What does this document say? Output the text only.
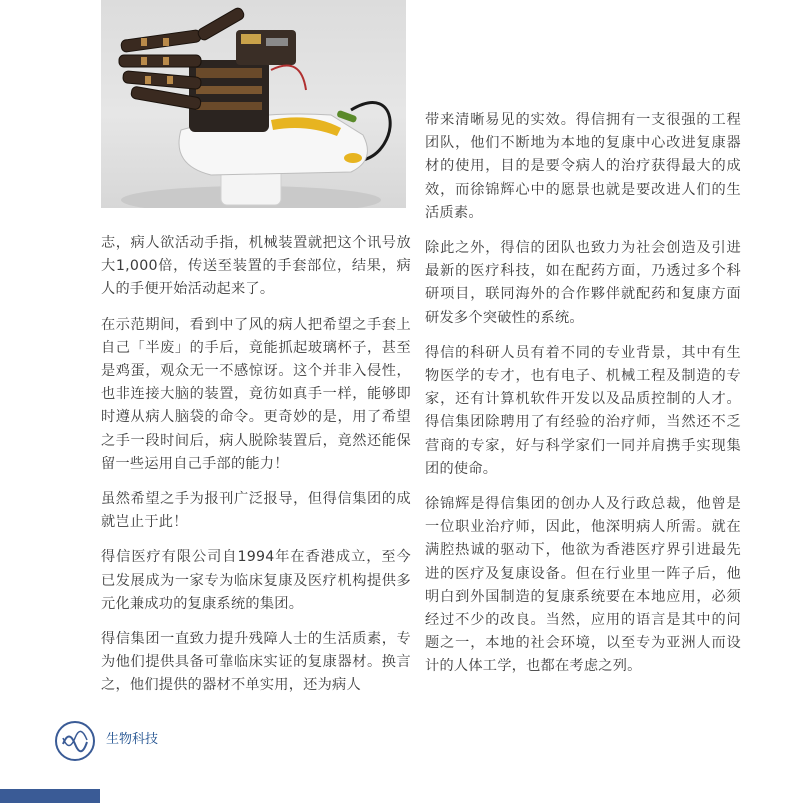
志，病人欲活动手指，机械装置就把这个讯号放大1,000倍，传送至装置的手套部位，结果，病人的手便开始活动起来了。

在示范期间，看到中了风的病人把希望之手套上自己「半废」的手后，竟能抓起玻璃杯子，甚至是鸡蛋，观众无一不感惊讶。这个并非入侵性，也非连接大脑的装置，竟彷如真手一样，能够即时遵从病人脑袋的命令。更奇妙的是，用了希望之手一段时间后，病人脱除装置后，竟然还能保留一些运用自己手部的能力！

虽然希望之手为报刊广泛报导，但得信集团的成就岂止于此！

得信医疗有限公司自1994年在香港成立，至今已发展成为一家专为临床复康及医疗机构提供多元化兼成功的复康系统的集团。

得信集团一直致力提升残障人士的生活质素，专为他们提供具备可靠临床实证的复康器材。换言之，他们提供的器材不单实用，还为病人

带来清晰易见的实效。得信拥有一支很强的工程团队，他们不断地为本地的复康中心改进复康器材的使用，目的是要令病人的治疗获得最大的成效，而徐锦辉心中的愿景也就是要改进人们的生活质素。

除此之外，得信的团队也致力为社会创造及引进最新的医疗科技，如在配药方面，乃透过多个科研项目，联同海外的合作夥伴就配药和复康方面研发多个突破性的系统。

得信的科研人员有着不同的专业背景，其中有生物医学的专才，也有电子、机械工程及制造的专家，还有计算机软件开发以及品质控制的人才。得信集团除聘用了有经验的治疗师，当然还不乏营商的专家，好与科学家们一同并肩携手实现集团的使命。

徐锦辉是得信集团的创办人及行政总裁，他曾是一位职业治疗师，因此，他深明病人所需。就在满腔热诚的驱动下，他欲为香港医疗界引进最先进的医疗及复康设备。但在行业里一阵子后，他明白到外国制造的复康系统要在本地应用，必须经过不少的改良。当然，应用的语言是其中的问题之一，本地的社会环境，以至专为亚洲人而设计的人体工学，也都在考虑之列。

生物科技
